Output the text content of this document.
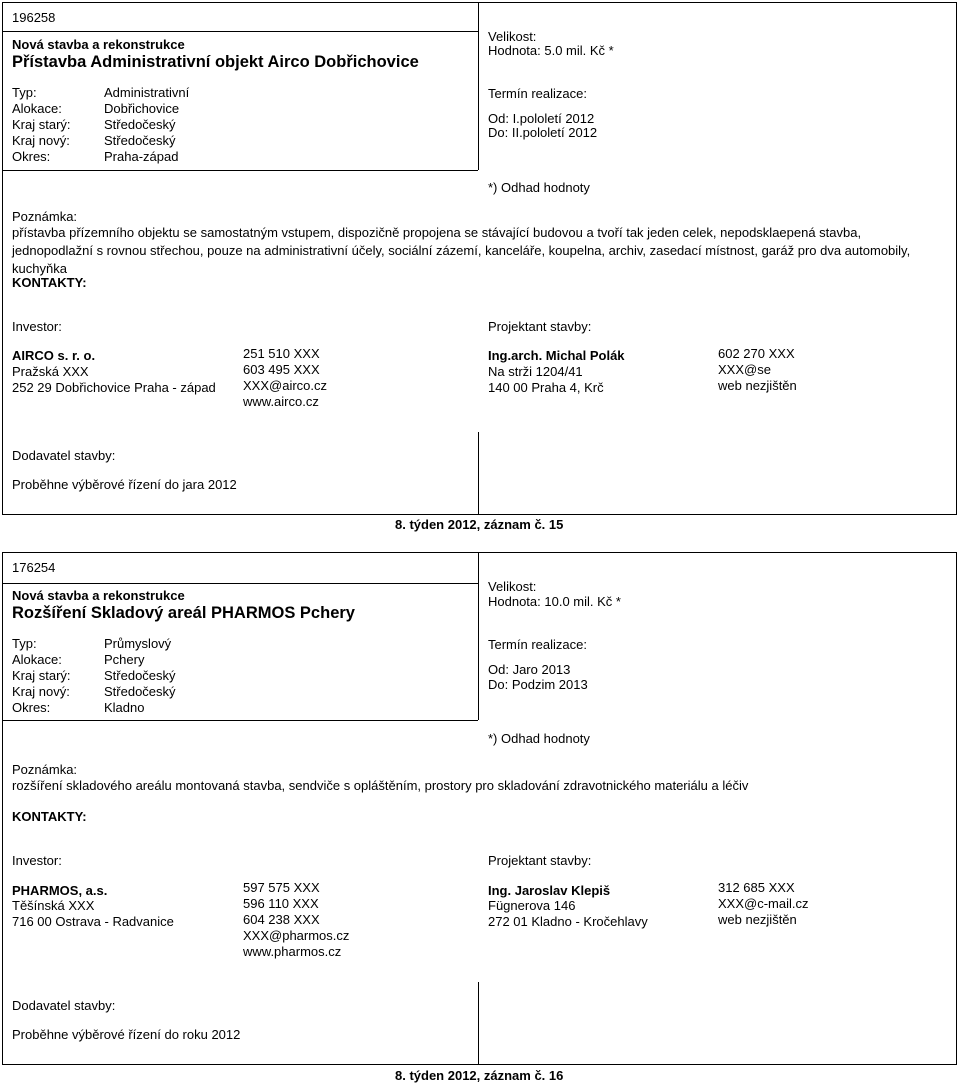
196258
Nová stavba a rekonstrukce
Přístavba Administrativní objekt Airco Dobřichovice
Typ:
Alokace:
Kraj starý:
Kraj nový:
Okres:
Administrativní
Dobřichovice
Středočeský
Středočeský
Praha-západ
Velikost:
Hodnota: 5.0 mil. Kč *
Termín realizace:
Od: I.pololetí 2012
Do: II.pololetí 2012
*) Odhad hodnoty
Poznámka:
přístavba přízemního objektu se samostatným vstupem, dispozičně propojena se stávající budovou a tvoří tak jeden celek, nepodsklaepená stavba, jednopodlažní s rovnou střechou, pouze na administrativní účely, sociální zázemí, kanceláře, koupelna, archiv, zasedací místnost, garáž pro dva automobily, kuchyňka
KONTAKTY:
Investor:
AIRCO s. r. o.
Pražská XXX
252 29 Dobřichovice Praha - západ
251 510 XXX
603 495 XXX
XXX@airco.cz
www.airco.cz
Projektant stavby:
Ing.arch. Michal Polák
Na strži 1204/41
140 00 Praha 4, Krč
602 270 XXX
XXX@se
web nezjištěn
Dodavatel stavby:
Proběhne výběrové řízení do jara 2012
8. týden 2012, záznam č. 15
176254
Nová stavba a rekonstrukce
Rozšíření Skladový areál PHARMOS Pchery
Typ:
Alokace:
Kraj starý:
Kraj nový:
Okres:
Průmyslový
Pchery
Středočeský
Středočeský
Kladno
Velikost:
Hodnota: 10.0 mil. Kč *
Termín realizace:
Od: Jaro 2013
Do: Podzim 2013
*) Odhad hodnoty
Poznámka:
rozšíření skladového areálu montovaná stavba, sendviče s opláštěním, prostory pro skladování zdravotnického materiálu a léčiv
KONTAKTY:
Investor:
PHARMOS, a.s.
Těšínská XXX
716 00 Ostrava - Radvanice
597 575 XXX
596 110 XXX
604 238 XXX
XXX@pharmos.cz
www.pharmos.cz
Projektant stavby:
Ing. Jaroslav Klepiš
Fügnerova 146
272 01 Kladno - Kročehlavy
312 685 XXX
XXX@c-mail.cz
web nezjištěn
Dodavatel stavby:
Proběhne výběrové řízení do roku 2012
8. týden 2012, záznam č. 16
